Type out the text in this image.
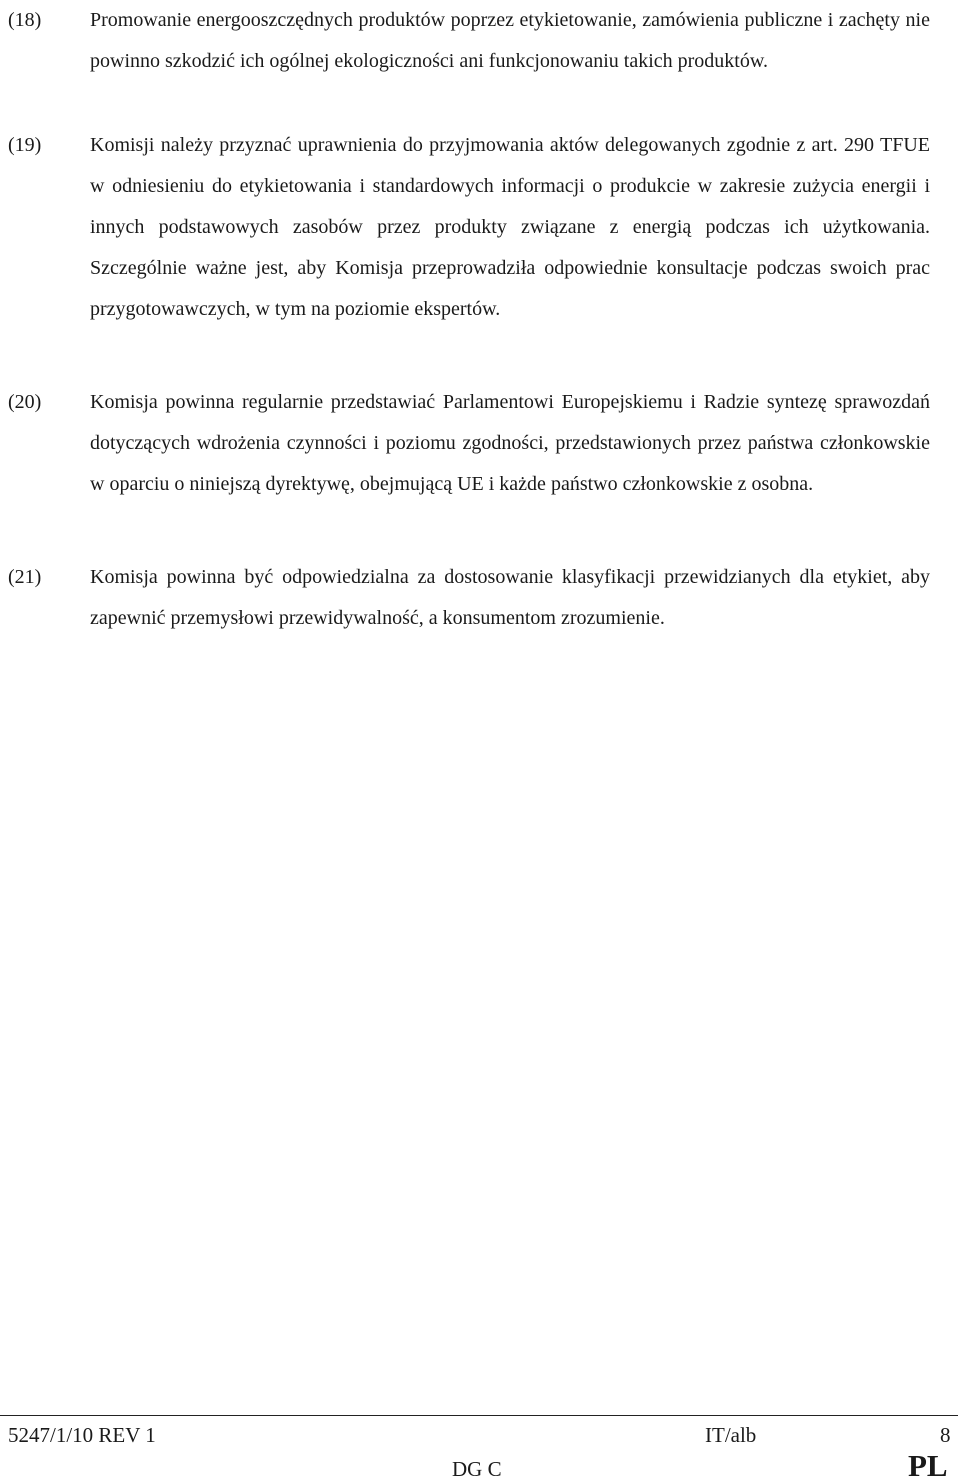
(18) Promowanie energooszczędnych produktów poprzez etykietowanie, zamówienia publiczne i zachęty nie powinno szkodzić ich ogólnej ekologiczności ani funkcjonowaniu takich produktów.
(19) Komisji należy przyznać uprawnienia do przyjmowania aktów delegowanych zgodnie z art. 290 TFUE w odniesieniu do etykietowania i standardowych informacji o produkcie w zakresie zużycia energii i innych podstawowych zasobów przez produkty związane z energią podczas ich użytkowania. Szczególnie ważne jest, aby Komisja przeprowadziła odpowiednie konsultacje podczas swoich prac przygotowawczych, w tym na poziomie ekspertów.
(20) Komisja powinna regularnie przedstawiać Parlamentowi Europejskiemu i Radzie syntezę sprawozdań dotyczących wdrożenia czynności i poziomu zgodności, przedstawionych przez państwa członkowskie w oparciu o niniejszą dyrektywę, obejmującą UE i każde państwo członkowskie z osobna.
(21) Komisja powinna być odpowiedzialna za dostosowanie klasyfikacji przewidzianych dla etykiet, aby zapewnić przemysłowi przewidywalność, a konsumentom zrozumienie.
5247/1/10 REV 1	IT/alb	8
DG C	PL
